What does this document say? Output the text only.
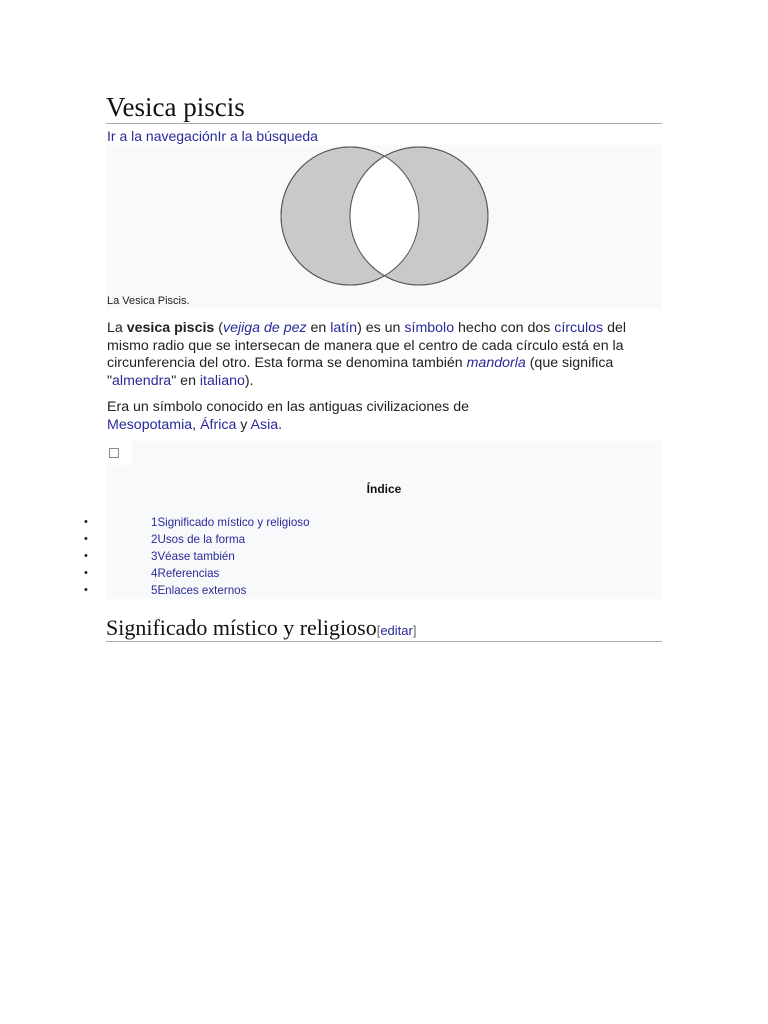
Vesica piscis
Ir a la navegaciónIr a la búsqueda
La Vesica Piscis.

La vesica piscis (vejiga de pez en latín) es un símbolo hecho con dos círculos del mismo radio que se intersecan de manera que el centro de cada círculo está en la circunferencia del otro. Esta forma se denomina también mandorla (que significa "almendra" en italiano).

Era un símbolo conocido en las antiguas civilizaciones de Mesopotamia, África y Asia.

Índice
•	1Significado místico y religioso
•	2Usos de la forma
•	3Véase también
•	4Referencias
•	5Enlaces externos
Significado místico y religioso[editar]
